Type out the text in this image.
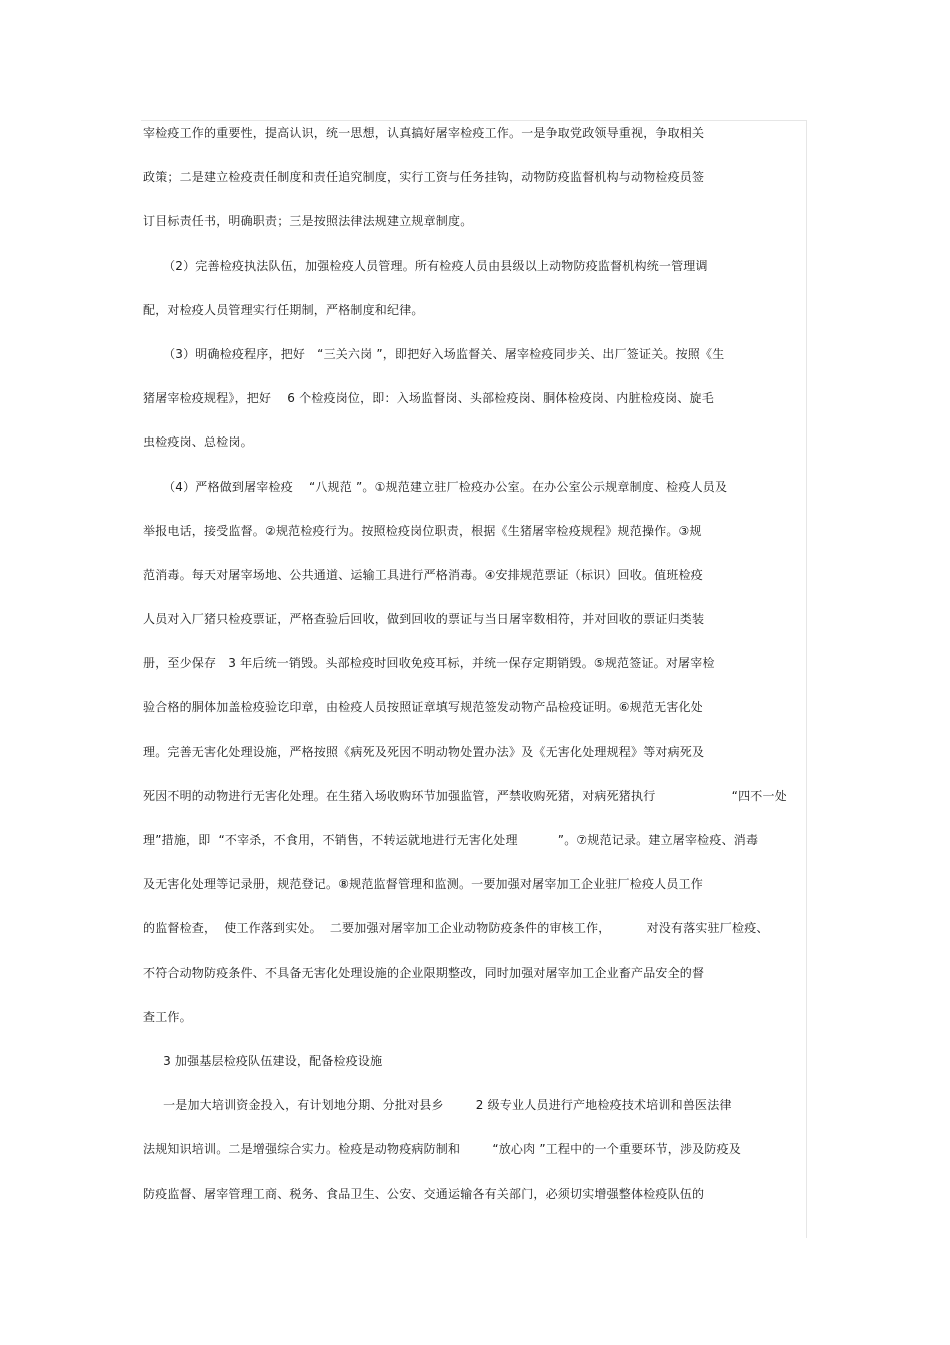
宰检疫工作的重要性，提高认识，统一思想，认真搞好屠宰检疫工作。一是争取党政领导重视，争取相关
政策；二是建立检疫责任制度和责任追究制度，实行工资与任务挂钩，动物防疫监督机构与动物检疫员签
订目标责任书，明确职责；三是按照法律法规建立规章制度。
（2）完善检疫执法队伍，加强检疫人员管理。所有检疫人员由县级以上动物防疫监督机构统一管理调
配，对检疫人员管理实行任期制，严格制度和纪律。
（3）明确检疫程序，把好   “三关六岗 ”，即把好入场监督关、屠宰检疫同步关、出厂签证关。按照《生
猪屠宰检疫规程》，把好    6 个检疫岗位，即：入场监督岗、头部检疫岗、胴体检疫岗、内脏检疫岗、旋毛
虫检疫岗、总检岗。
（4）严格做到屠宰检疫    “八规范 ”。①规范建立驻厂检疫办公室。在办公室公示规章制度、检疫人员及
举报电话，接受监督。②规范检疫行为。按照检疫岗位职责，根据《生猪屠宰检疫规程》规范操作。③规
范消毒。每天对屠宰场地、公共通道、运输工具进行严格消毒。④安排规范票证（标识）回收。值班检疫
人员对入厂猪只检疫票证，严格查验后回收，做到回收的票证与当日屠宰数相符，并对回收的票证归类装
册，至少保存   3 年后统一销毁。头部检疫时回收免疫耳标，并统一保存定期销毁。⑤规范签证。对屠宰检
验合格的胴体加盖检疫验讫印章，由检疫人员按照证章填写规范签发动物产品检疫证明。⑥规范无害化处
理。完善无害化处理设施，严格按照《病死及死因不明动物处置办法》及《无害化处理规程》等对病死及
死因不明的动物进行无害化处理。在生猪入场收购环节加强监管，严禁收购死猪，对病死猪执行                   “四不一处
理”措施，即  “不宰杀，不食用，不销售，不转运就地进行无害化处理          ”。⑦规范记录。建立屠宰检疫、消毒
及无害化处理等记录册，规范登记。⑧规范监督管理和监测。一要加强对屠宰加工企业驻厂检疫人员工作
的监督检查，  使工作落到实处。  二要加强对屠宰加工企业动物防疫条件的审核工作，         对没有落实驻厂检疫、
不符合动物防疫条件、不具备无害化处理设施的企业限期整改，同时加强对屠宰加工企业畜产品安全的督
查工作。
3 加强基层检疫队伍建设，配备检疫设施
一是加大培训资金投入，有计划地分期、分批对县乡        2 级专业人员进行产地检疫技术培训和兽医法律
法规知识培训。二是增强综合实力。检疫是动物疫病防制和        “放心肉 ”工程中的一个重要环节，涉及防疫及
防疫监督、屠宰管理工商、税务、食品卫生、公安、交通运输各有关部门，必须切实增强整体检疫队伍的
